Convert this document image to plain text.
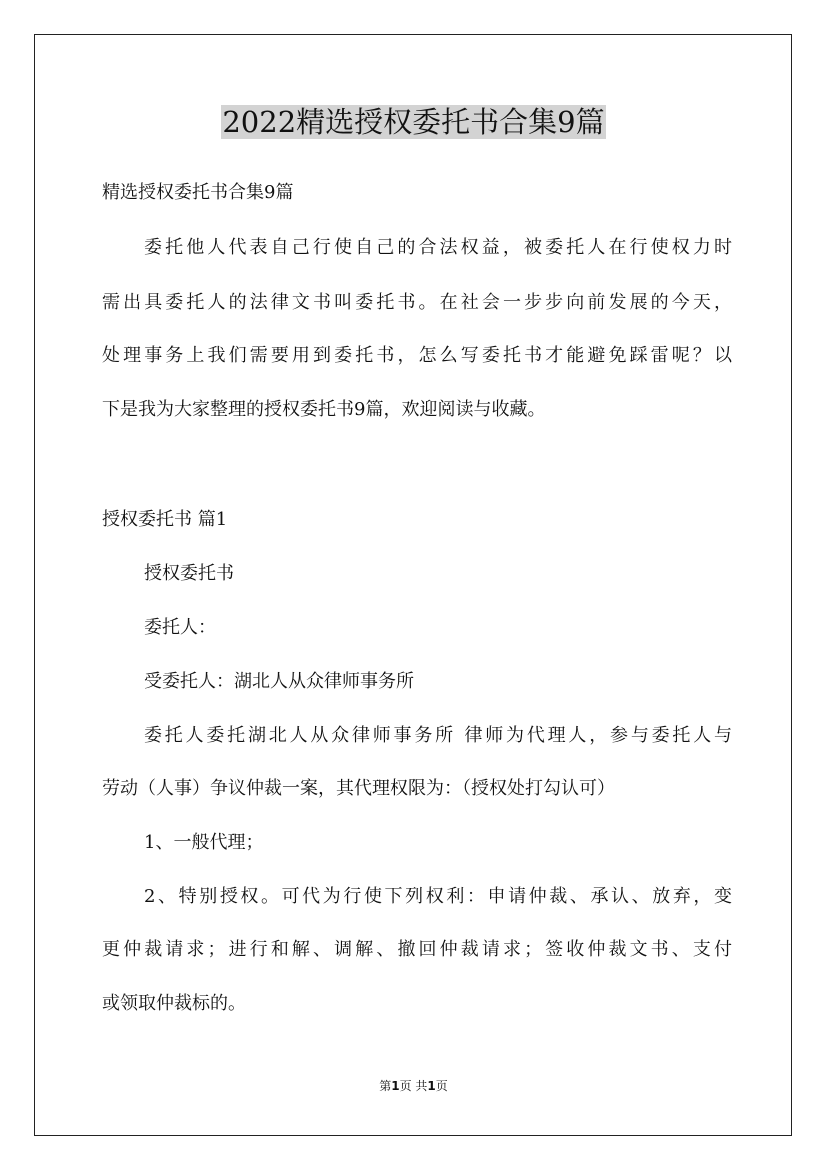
2022精选授权委托书合集9篇

精选授权委托书合集9篇

委托他人代表自己行使自己的合法权益，被委托人在行使权力时

需出具委托人的法律文书叫委托书。在社会一步步向前发展的今天，

处理事务上我们需要用到委托书，怎么写委托书才能避免踩雷呢？以

下是我为大家整理的授权委托书9篇，欢迎阅读与收藏。

授权委托书 篇1

授权委托书

委托人：

受委托人：湖北人从众律师事务所

委托人委托湖北人从众律师事务所 律师为代理人，参与委托人与

劳动（人事）争议仲裁一案，其代理权限为：（授权处打勾认可）

1、一般代理；

2、特别授权。可代为行使下列权利：申请仲裁、承认、放弃，变

更仲裁请求；进行和解、调解、撤回仲裁请求；签收仲裁文书、支付

或领取仲裁标的。

第1页 共1页
